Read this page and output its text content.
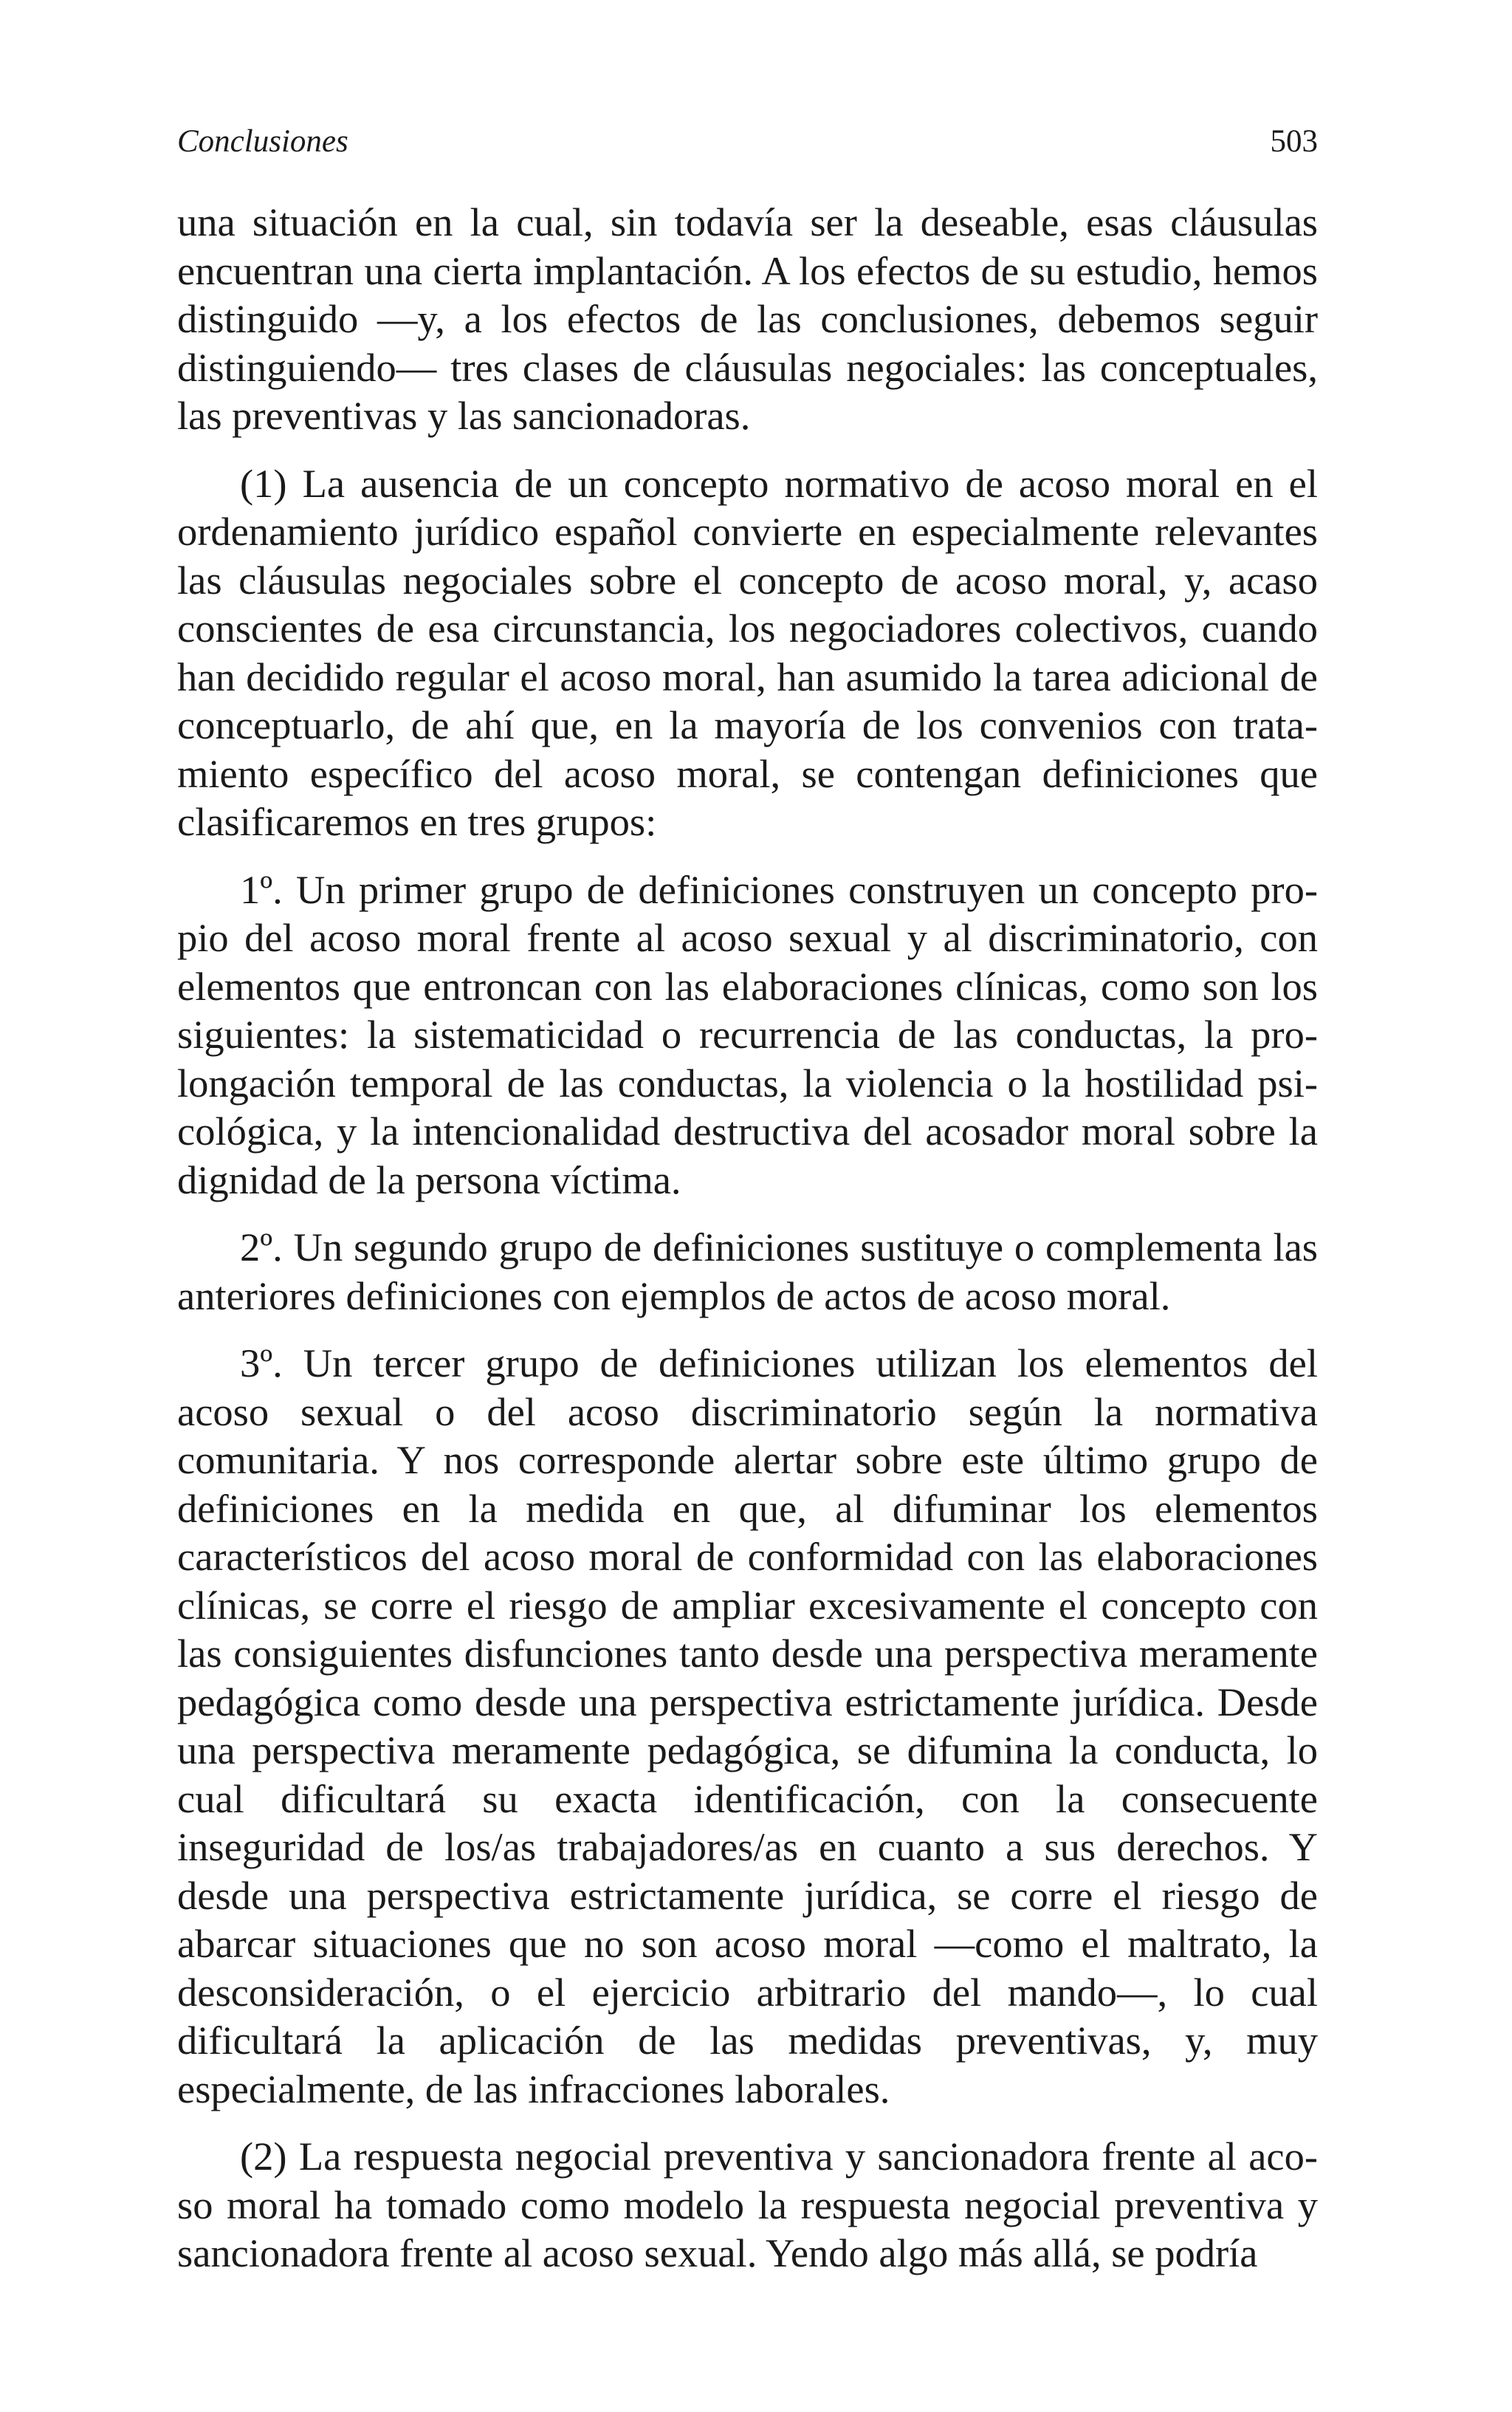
Conclusiones	503

una situación en la cual, sin todavía ser la deseable, esas cláusulas encuentran una cierta implantación. A los efectos de su estudio, hemos distinguido —y, a los efectos de las conclusiones, debemos seguir distinguiendo— tres clases de cláusulas negociales: las conceptuales, las preventivas y las sancionadoras.

(1) La ausencia de un concepto normativo de acoso moral en el ordenamiento jurídico español convierte en especialmente relevantes las cláusulas negociales sobre el concepto de acoso moral, y, acaso conscientes de esa circunstancia, los negociadores colectivos, cuando han decidido regular el acoso moral, han asumido la tarea adicional de conceptuarlo, de ahí que, en la mayoría de los convenios con tratamiento específico del acoso moral, se contengan definiciones que clasificaremos en tres grupos:

1º. Un primer grupo de definiciones construyen un concepto propio del acoso moral frente al acoso sexual y al discriminatorio, con elementos que entroncan con las elaboraciones clínicas, como son los siguientes: la sistematicidad o recurrencia de las conductas, la prolongación temporal de las conductas, la violencia o la hostilidad psicológica, y la intencionalidad destructiva del acosador moral sobre la dignidad de la persona víctima.

2º. Un segundo grupo de definiciones sustituye o complementa las anteriores definiciones con ejemplos de actos de acoso moral.

3º. Un tercer grupo de definiciones utilizan los elementos del acoso sexual o del acoso discriminatorio según la normativa comunitaria. Y nos corresponde alertar sobre este último grupo de definiciones en la medida en que, al difuminar los elementos característicos del acoso moral de conformidad con las elaboraciones clínicas, se corre el riesgo de ampliar excesivamente el concepto con las consiguientes disfunciones tanto desde una perspectiva meramente pedagógica como desde una perspectiva estrictamente jurídica. Desde una perspectiva meramente pedagógica, se difumina la conducta, lo cual dificultará su exacta identificación, con la consecuente inseguridad de los/as trabajadores/as en cuanto a sus derechos. Y desde una perspectiva estrictamente jurídica, se corre el riesgo de abarcar situaciones que no son acoso moral —como el maltrato, la desconsideración, o el ejercicio arbitrario del mando—, lo cual dificultará la aplicación de las medidas preventivas, y, muy especialmente, de las infracciones laborales.

(2) La respuesta negocial preventiva y sancionadora frente al acoso moral ha tomado como modelo la respuesta negocial preventiva y sancionadora frente al acoso sexual. Yendo algo más allá, se podría
